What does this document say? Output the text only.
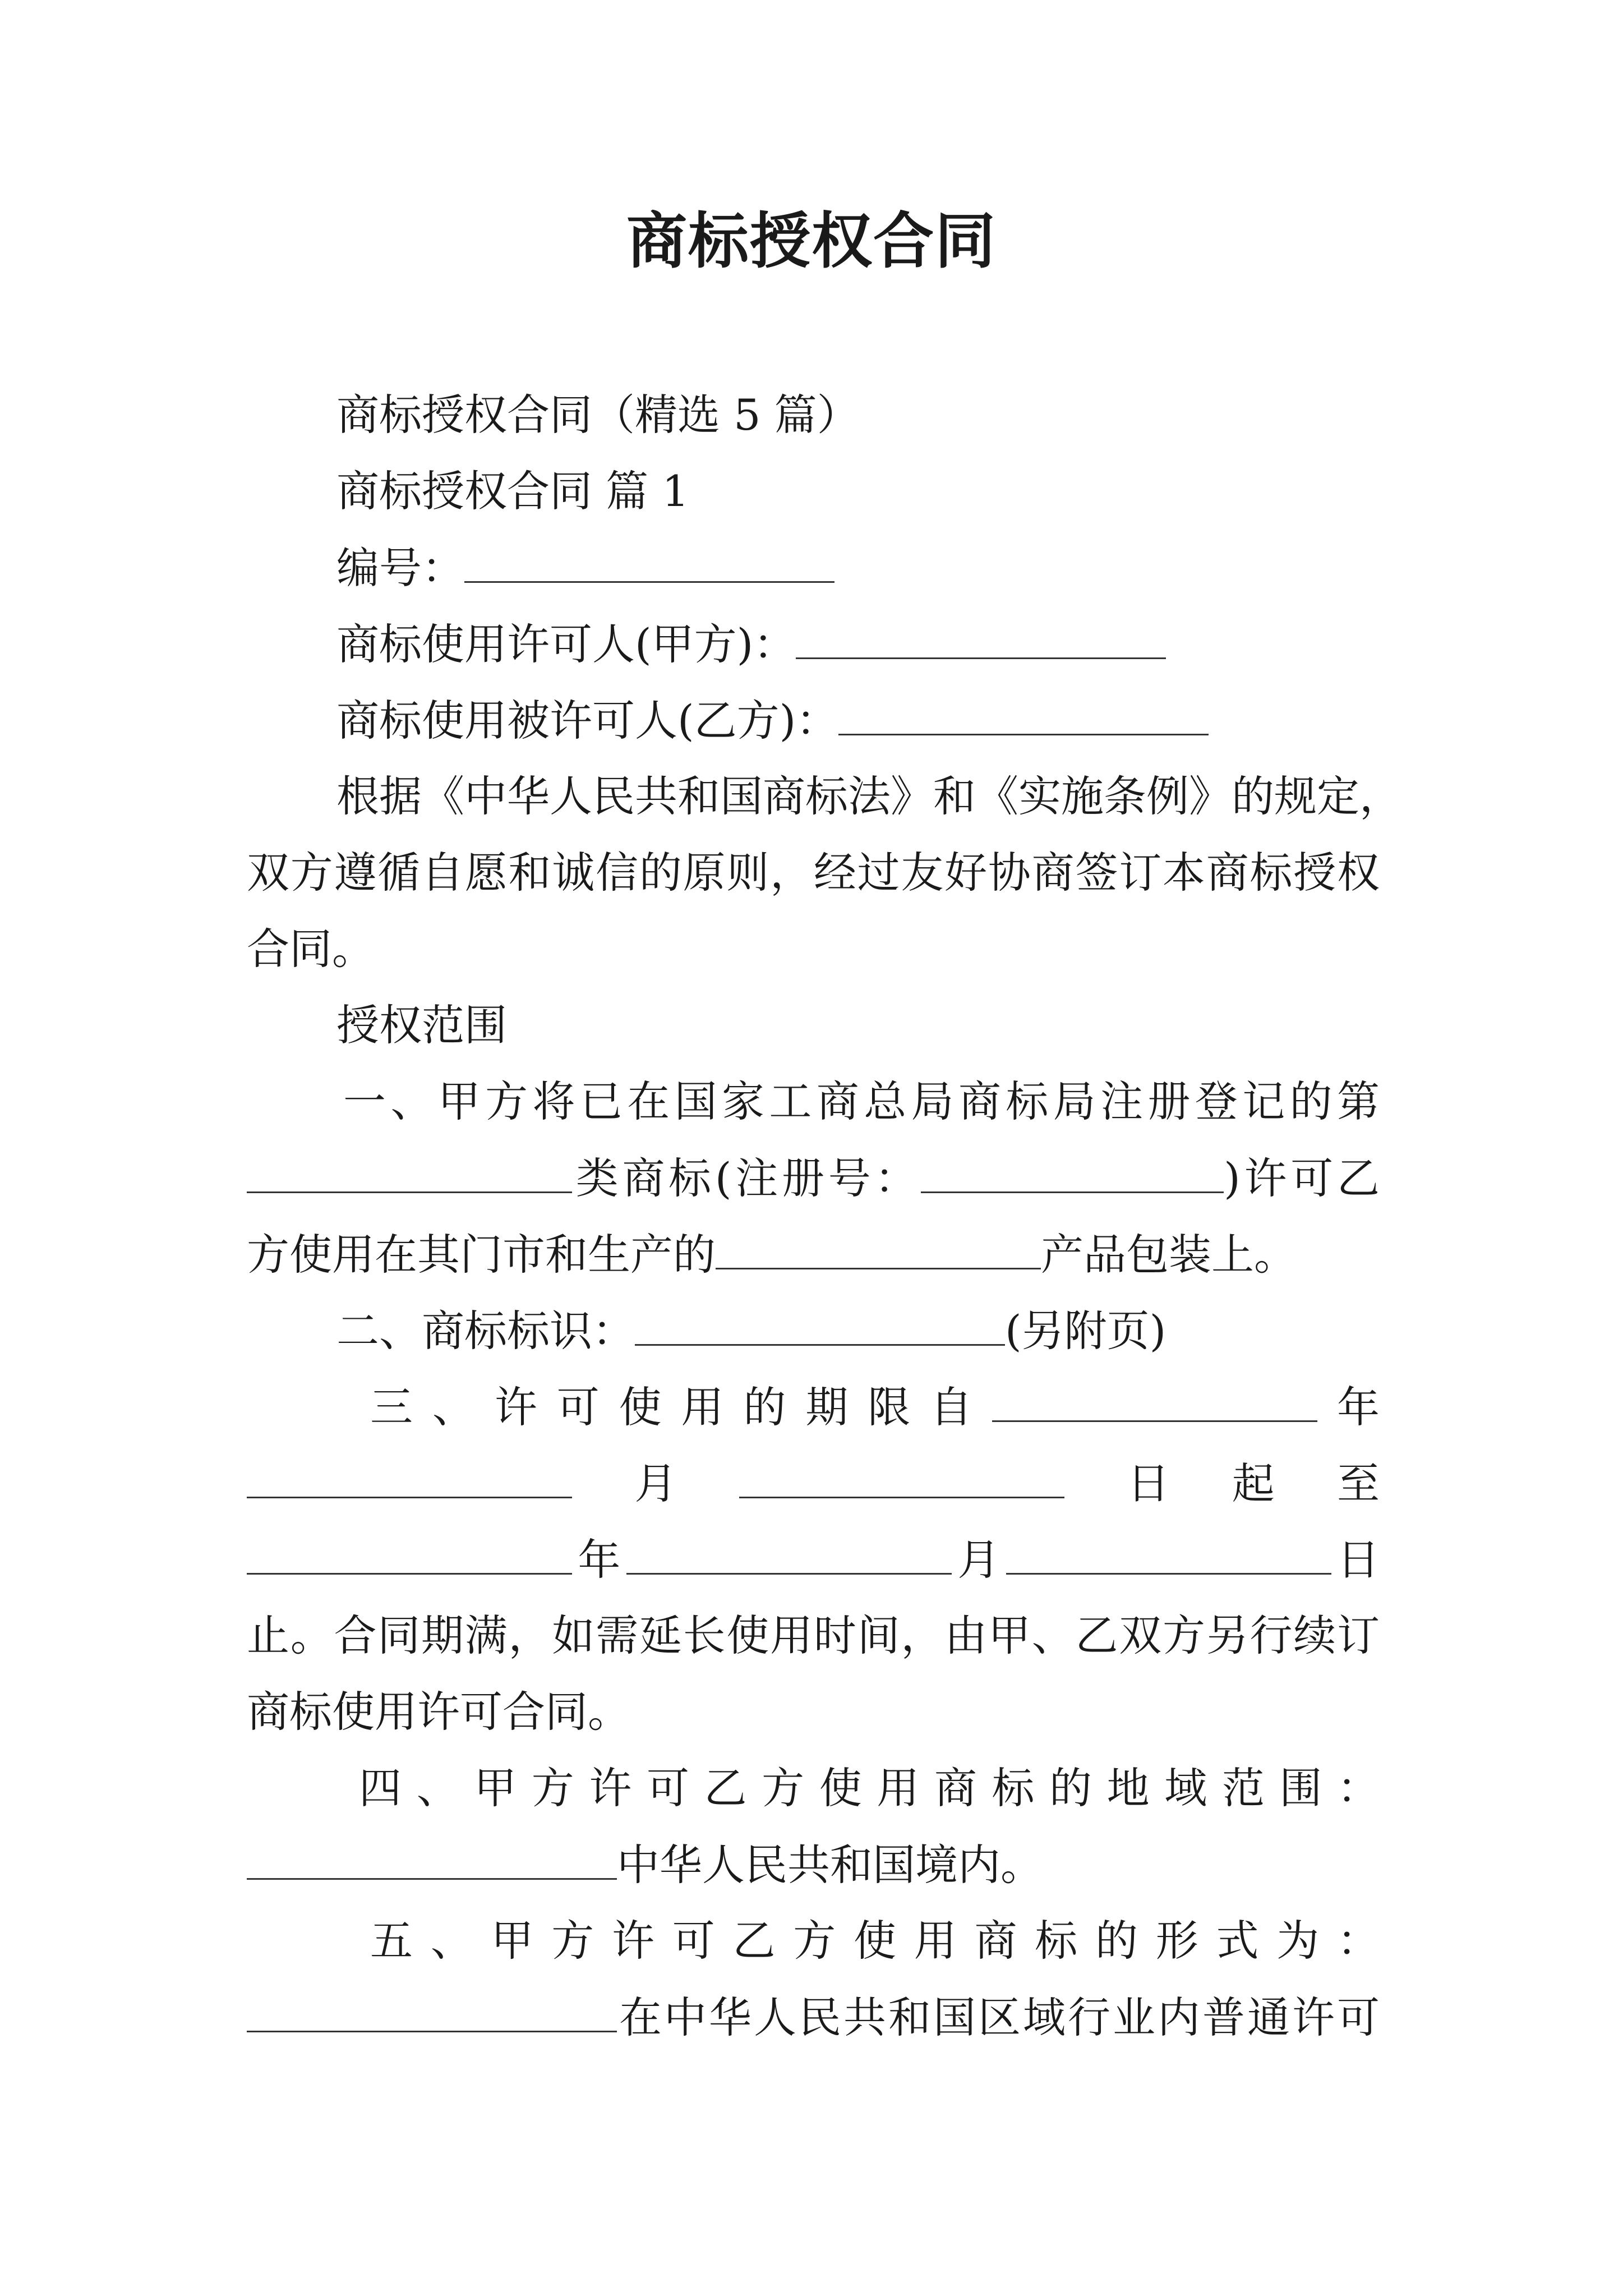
商标授权合同
商标授权合同（精选 5 篇）
商标授权合同 篇 1
编号：
商标使用许可人(甲方)：
商标使用被许可人(乙方)：
根据《中华人民共和国商标法》和《实施条例》的规定，
双方遵循自愿和诚信的原则，经过友好协商签订本商标授权
合同。
授权范围
一、甲方将已在国家工商总局商标局注册登记的第
类商标(注册号：	)许可乙
方使用在其门市和生产的	产品包装上。
二、商标标识：	(另附页)
三、许可使用的期限自	年
月	日起至
年	月	日
止。合同期满，如需延长使用时间，由甲、乙双方另行续订
商标使用许可合同。
四、甲方许可乙方使用商标的地域范围：
中华人民共和国境内。
五、甲方许可乙方使用商标的形式为：
在中华人民共和国区域行业内普通许可
